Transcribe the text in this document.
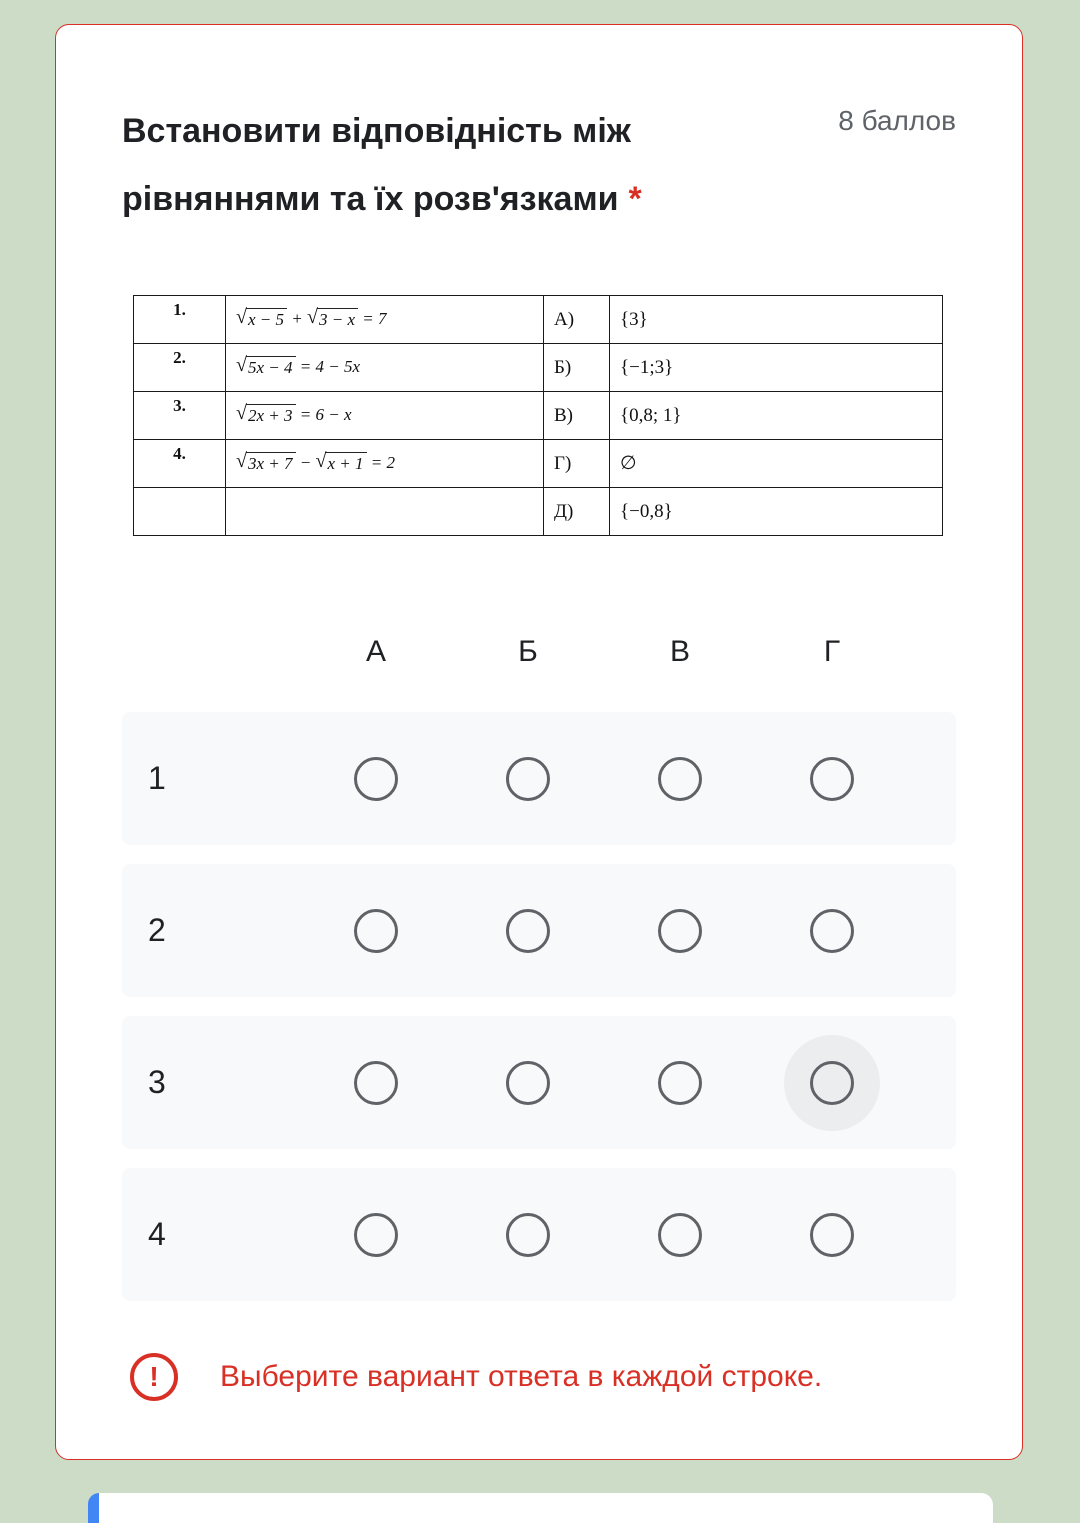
Встановити відповідність між рівняннями та їх розв'язками *
8 баллов
1.	√ x − 5 + √ 3 − x = 7	А)	{3}
2.	√ 5x − 4 = 4 − 5x	Б)	{−1;3}
3.	√ 2x + 3 = 6 − x	В)	{0,8; 1}
4.	√ 3x + 7 − √ x + 1 = 2	Г)	∅
		Д)	{−0,8}
А	Б	В	Г
1
2
3
4
! Выберите вариант ответа в каждой строке.
